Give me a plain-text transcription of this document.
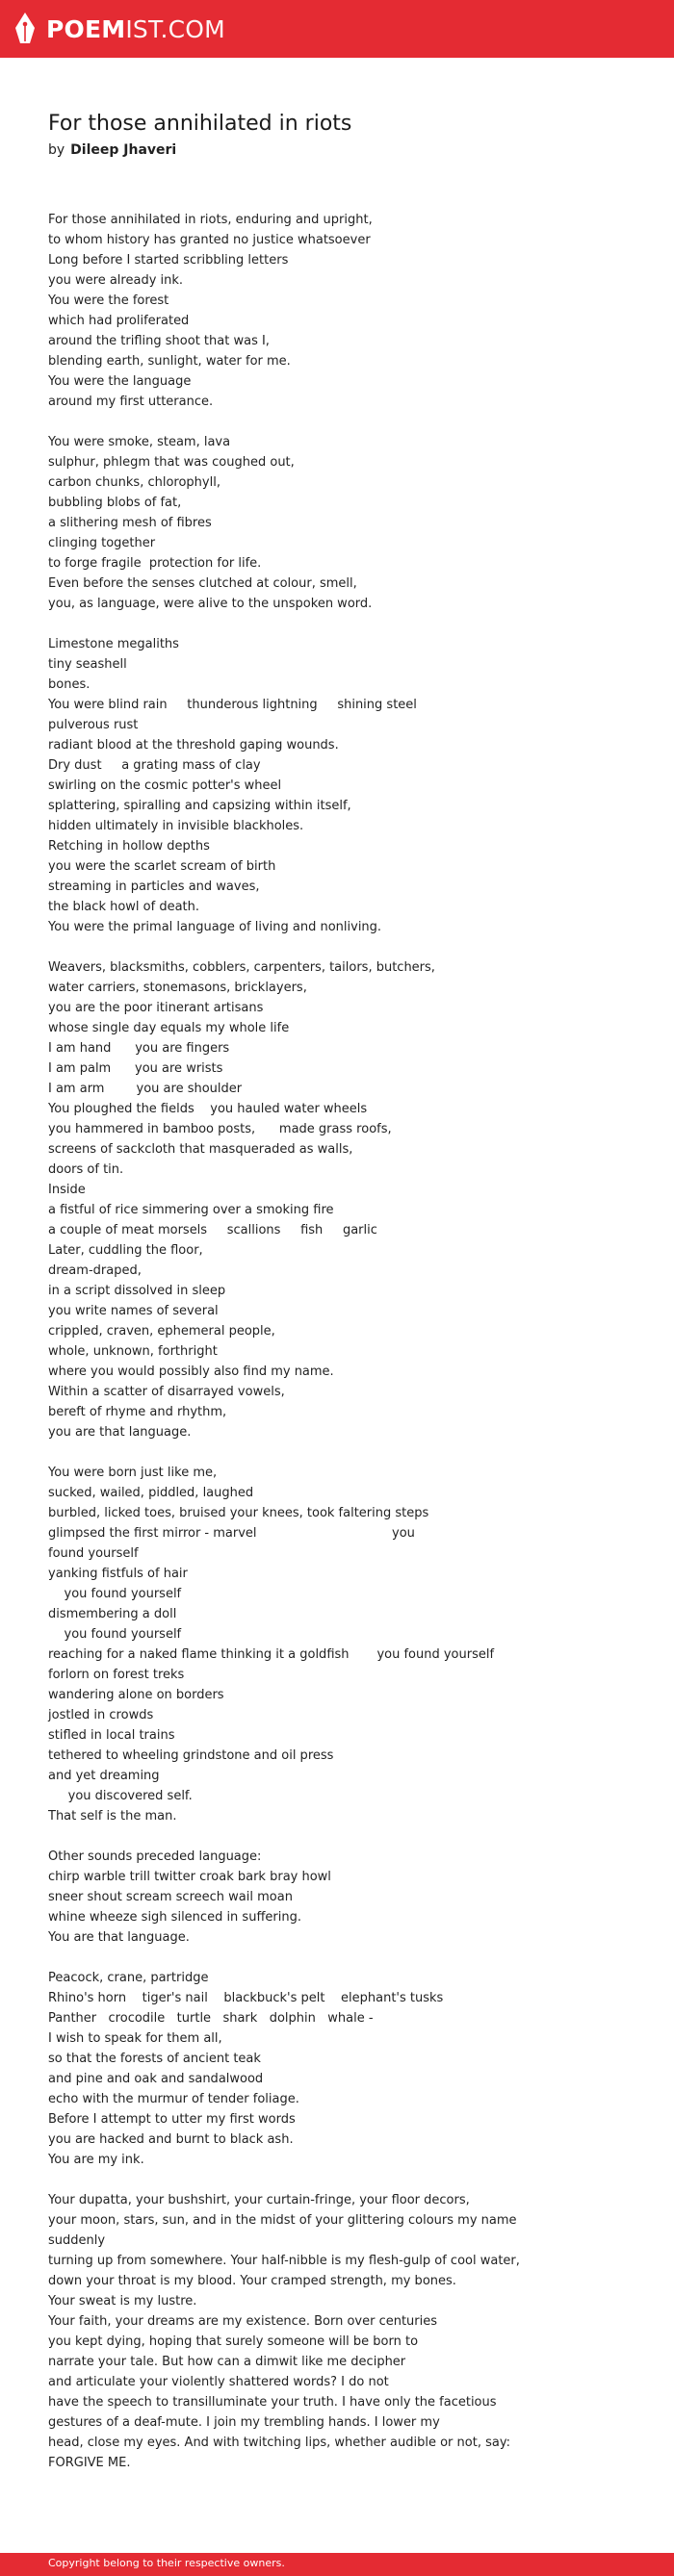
POEMIST.COM
For those annihilated in riots
by Dileep Jhaveri
For those annihilated in riots, enduring and upright,
to whom history has granted no justice whatsoever
Long before I started scribbling letters
you were already ink.
You were the forest
which had proliferated
around the trifling shoot that was I,
blending earth, sunlight, water for me.
You were the language
around my first utterance.
You were smoke, steam, lava
sulphur, phlegm that was coughed out,
carbon chunks, chlorophyll,
bubbling blobs of fat,
a slithering mesh of fibres
clinging together
to forge fragile  protection for life.
Even before the senses clutched at colour, smell,
you, as language, were alive to the unspoken word.
Limestone megaliths
tiny seashell
bones.
You were blind rain     thunderous lightning     shining steel
pulverous rust
radiant blood at the threshold gaping wounds.
Dry dust     a grating mass of clay
swirling on the cosmic potter's wheel
splattering, spiralling and capsizing within itself,
hidden ultimately in invisible blackholes.
Retching in hollow depths
you were the scarlet scream of birth
streaming in particles and waves,
the black howl of death.
You were the primal language of living and nonliving.
Weavers, blacksmiths, cobblers, carpenters, tailors, butchers,
water carriers, stonemasons, bricklayers,
you are the poor itinerant artisans
whose single day equals my whole life
I am hand      you are fingers
I am palm      you are wrists
I am arm        you are shoulder
You ploughed the fields    you hauled water wheels
you hammered in bamboo posts,      made grass roofs,
screens of sackcloth that masqueraded as walls,
doors of tin.
Inside
a fistful of rice simmering over a smoking fire
a couple of meat morsels     scallions     fish     garlic
Later, cuddling the floor,
dream-draped,
in a script dissolved in sleep
you write names of several
crippled, craven, ephemeral people,
whole, unknown, forthright
where you would possibly also find my name.
Within a scatter of disarrayed vowels,
bereft of rhyme and rhythm,
you are that language.
You were born just like me,
sucked, wailed, piddled, laughed
burbled, licked toes, bruised your knees, took faltering steps
glimpsed the first mirror - marvel                                  you
found yourself
yanking fistfuls of hair
you found yourself
dismembering a doll
you found yourself
reaching for a naked flame thinking it a goldfish       you found yourself
forlorn on forest treks
wandering alone on borders
jostled in crowds
stifled in local trains
tethered to wheeling grindstone and oil press
and yet dreaming
you discovered self.
That self is the man.
Other sounds preceded language:
chirp warble trill twitter croak bark bray howl
sneer shout scream screech wail moan
whine wheeze sigh silenced in suffering.
You are that language.
Peacock, crane, partridge
Rhino's horn    tiger's nail    blackbuck's pelt    elephant's tusks
Panther   crocodile   turtle   shark   dolphin   whale -
I wish to speak for them all,
so that the forests of ancient teak
and pine and oak and sandalwood
echo with the murmur of tender foliage.
Before I attempt to utter my first words
you are hacked and burnt to black ash.
You are my ink.
Your dupatta, your bushshirt, your curtain-fringe, your floor decors,
your moon, stars, sun, and in the midst of your glittering colours my name
suddenly
turning up from somewhere. Your half-nibble is my flesh-gulp of cool water,
down your throat is my blood. Your cramped strength, my bones.
Your sweat is my lustre.
Your faith, your dreams are my existence. Born over centuries
you kept dying, hoping that surely someone will be born to
narrate your tale. But how can a dimwit like me decipher
and articulate your violently shattered words? I do not
have the speech to transilluminate your truth. I have only the facetious
gestures of a deaf-mute. I join my trembling hands. I lower my
head, close my eyes. And with twitching lips, whether audible or not, say:
FORGIVE ME.
Copyright belong to their respective owners.
